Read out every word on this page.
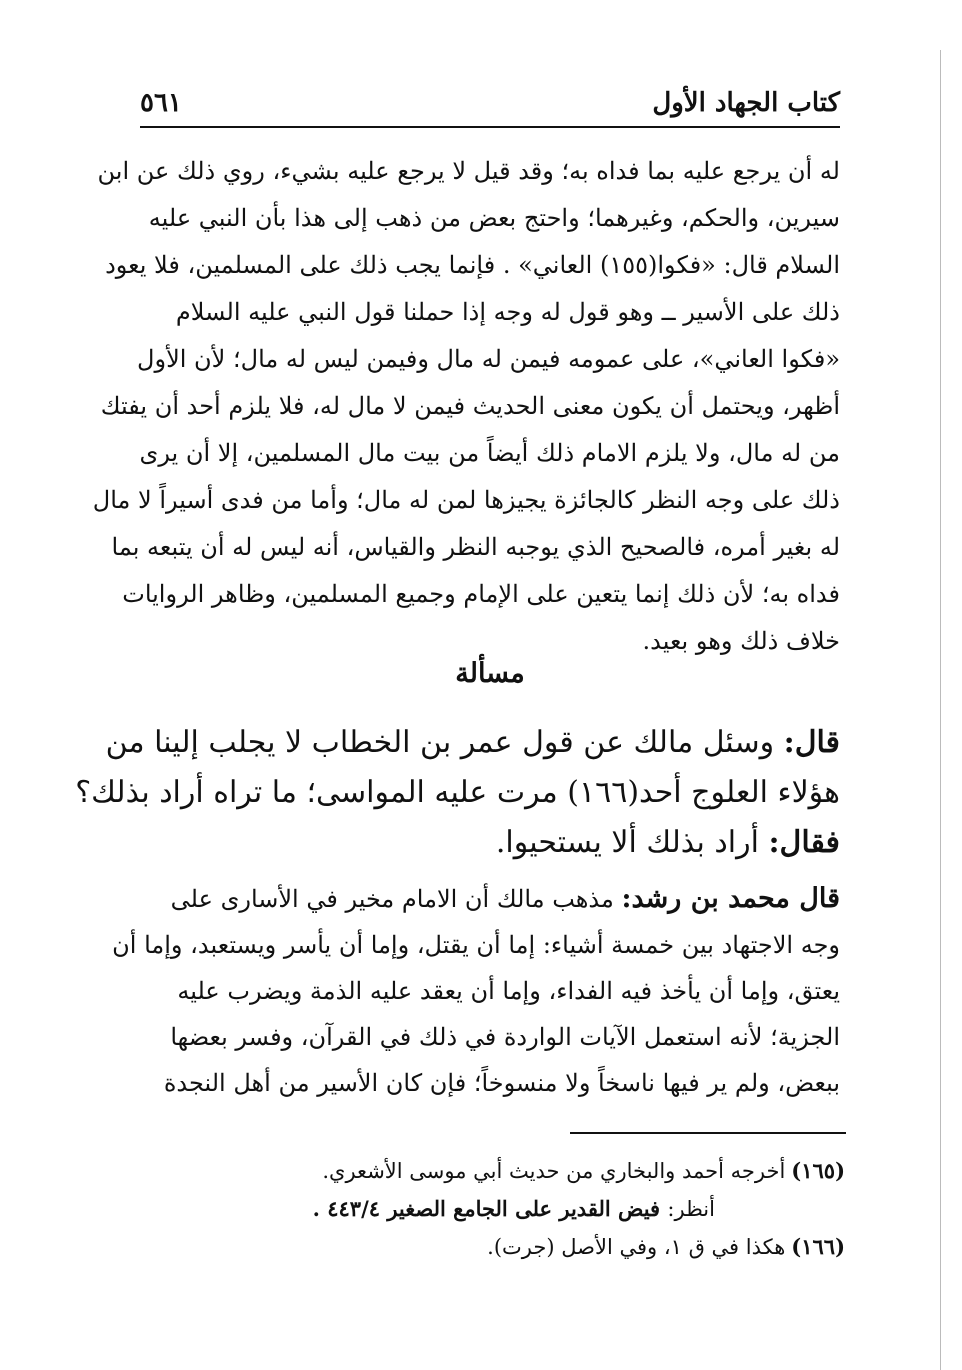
كتاب الجهاد الأول
٥٦١
له أن يرجع عليه بما فداه به؛ وقد قيل لا يرجع عليه بشيء، روي ذلك عن ابن
سيرين، والحكم، وغيرهما؛ واحتج بعض من ذهب إلى هذا بأن النبي عليه
السلام قال: «فكوا(١٥٥) العاني» . فإنما يجب ذلك على المسلمين، فلا يعود
ذلك على الأسير ــ وهو قول له وجه إذا حملنا قول النبي عليه السلام
«فكوا العاني»، على عمومه فيمن له مال وفيمن ليس له مال؛ لأن الأول
أظهر، ويحتمل أن يكون معنى الحديث فيمن لا مال له، فلا يلزم أحد أن يفتك
من له مال، ولا يلزم الامام ذلك أيضاً من بيت مال المسلمين، إلا أن يرى
ذلك على وجه النظر كالجائزة يجيزها لمن له مال؛ وأما من فدى أسيراً لا مال
له بغير أمره، فالصحيح الذي يوجبه النظر والقياس، أنه ليس له أن يتبعه بما
فداه به؛ لأن ذلك إنما يتعين على الإمام وجميع المسلمين، وظاهر الروايات
خلاف ذلك وهو بعيد.
مسألة
قال: وسئل مالك عن قول عمر بن الخطاب لا يجلب إلينا من
هؤلاء العلوج أحد(١٦٦) مرت عليه المواسى؛ ما تراه أراد بذلك؟
فقال: أراد بذلك ألا يستحيوا.
قال محمد بن رشد: مذهب مالك أن الامام مخير في الأسارى على
وجه الاجتهاد بين خمسة أشياء: إما أن يقتل، وإما أن يأسر ويستعبد، وإما أن
يعتق، وإما أن يأخذ فيه الفداء، وإما أن يعقد عليه الذمة ويضرب عليه
الجزية؛ لأنه استعمل الآيات الواردة في ذلك في القرآن، وفسر بعضها
ببعض، ولم ير فيها ناسخاً ولا منسوخاً؛ فإن كان الأسير من أهل النجدة
(١٦٥)أخرجه أحمد والبخاري من حديث أبي موسى الأشعري.
أنظر: فيض القدير على الجامع الصغير ٤٤٣/٤ .
(١٦٦)هكذا في ق ١، وفي الأصل (جرت).
